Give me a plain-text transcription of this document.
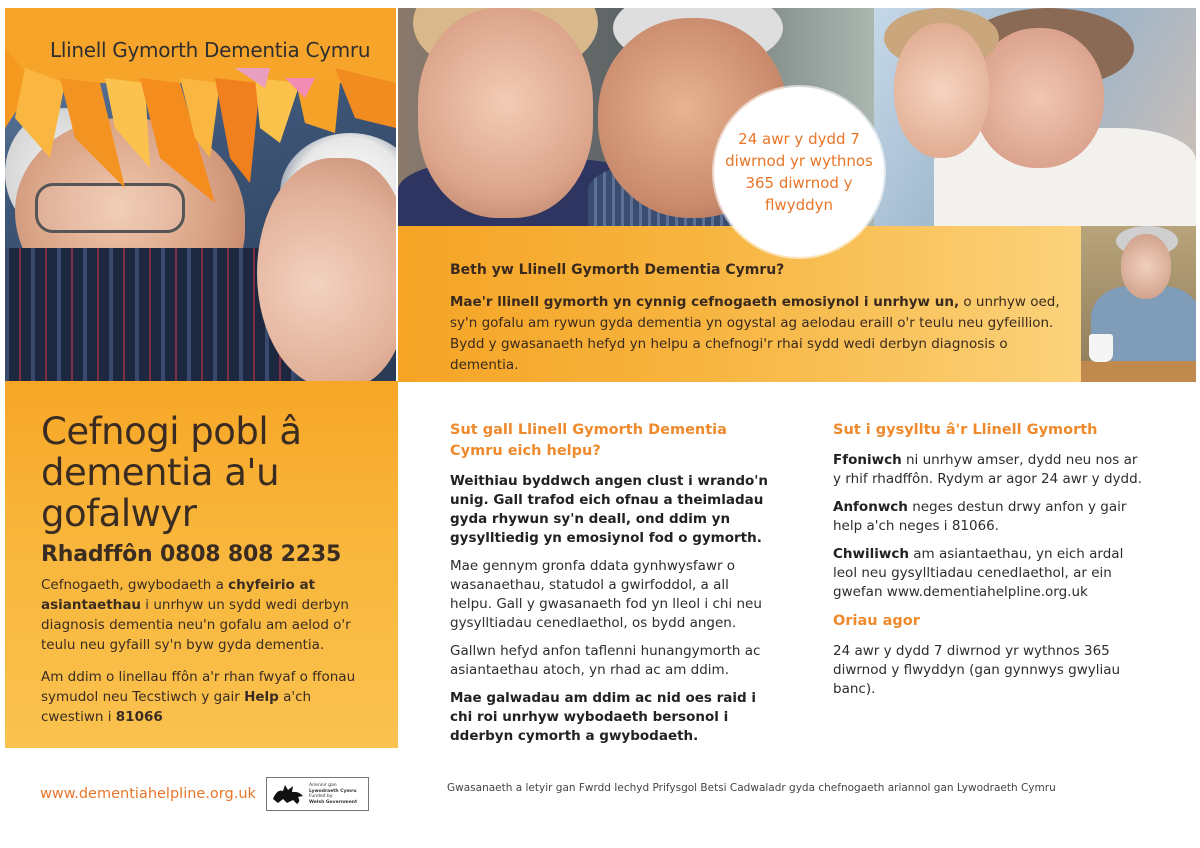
Llinell Gymorth Dementia Cymru
Cefnogi pobl â dementia a'u gofalwyr
Rhadffôn 0808 808 2235

Cefnogaeth, gwybodaeth a chyfeirio at asiantaethau i unrhyw un sydd wedi derbyn diagnosis dementia neu'n gofalu am aelod o'r teulu neu gyfaill sy'n byw gyda dementia.

Am ddim o linellau ffôn a'r rhan fwyaf o ffonau symudol neu Tecstiwch y gair Help a'ch cwestiwn i 81066

24 awr y dydd 7 diwrnod yr wythnos 365 diwrnod y flwyddyn
Beth yw Llinell Gymorth Dementia Cymru?

Mae'r llinell gymorth yn cynnig cefnogaeth emosiynol i unrhyw un, o unrhyw oed, sy'n gofalu am rywun gyda dementia yn ogystal ag aelodau eraill o'r teulu neu gyfeillion. Bydd y gwasanaeth hefyd yn helpu a chefnogi'r rhai sydd wedi derbyn diagnosis o dementia.

Sut gall Llinell Gymorth Dementia Cymru eich helpu?

Weithiau byddwch angen clust i wrando'n unig. Gall trafod eich ofnau a theimladau gyda rhywun sy'n deall, ond ddim yn gysylltiedig yn emosiynol fod o gymorth.

Mae gennym gronfa ddata gynhwysfawr o wasanaethau, statudol a gwirfoddol, a all helpu. Gall y gwasanaeth fod yn lleol i chi neu gysylltiadau cenedlaethol, os bydd angen.

Gallwn hefyd anfon taflenni hunangymorth ac asiantaethau atoch, yn rhad ac am ddim.

Mae galwadau am ddim ac nid oes raid i chi roi unrhyw wybodaeth bersonol i dderbyn cymorth a gwybodaeth.

Sut i gysylltu â'r Llinell Gymorth

Ffoniwch ni unrhyw amser, dydd neu nos ar y rhif rhadffôn. Rydym ar agor 24 awr y dydd.

Anfonwch neges destun drwy anfon y gair help a'ch neges i 81066.

Chwiliwch am asiantaethau, yn eich ardal leol neu gysylltiadau cenedlaethol, ar ein gwefan www.dementiahelpline.org.uk

Oriau agor

24 awr y dydd 7 diwrnod yr wythnos 365 diwrnod y flwyddyn (gan gynnwys gwyliau banc).

www.dementiahelpline.org.uk
Ariennir gan
Lywodraeth Cymru
Funded by
Welsh Government
Gwasanaeth a letyir gan Fwrdd Iechyd Prifysgol Betsi Cadwaladr gyda chefnogaeth ariannol gan Lywodraeth Cymru
